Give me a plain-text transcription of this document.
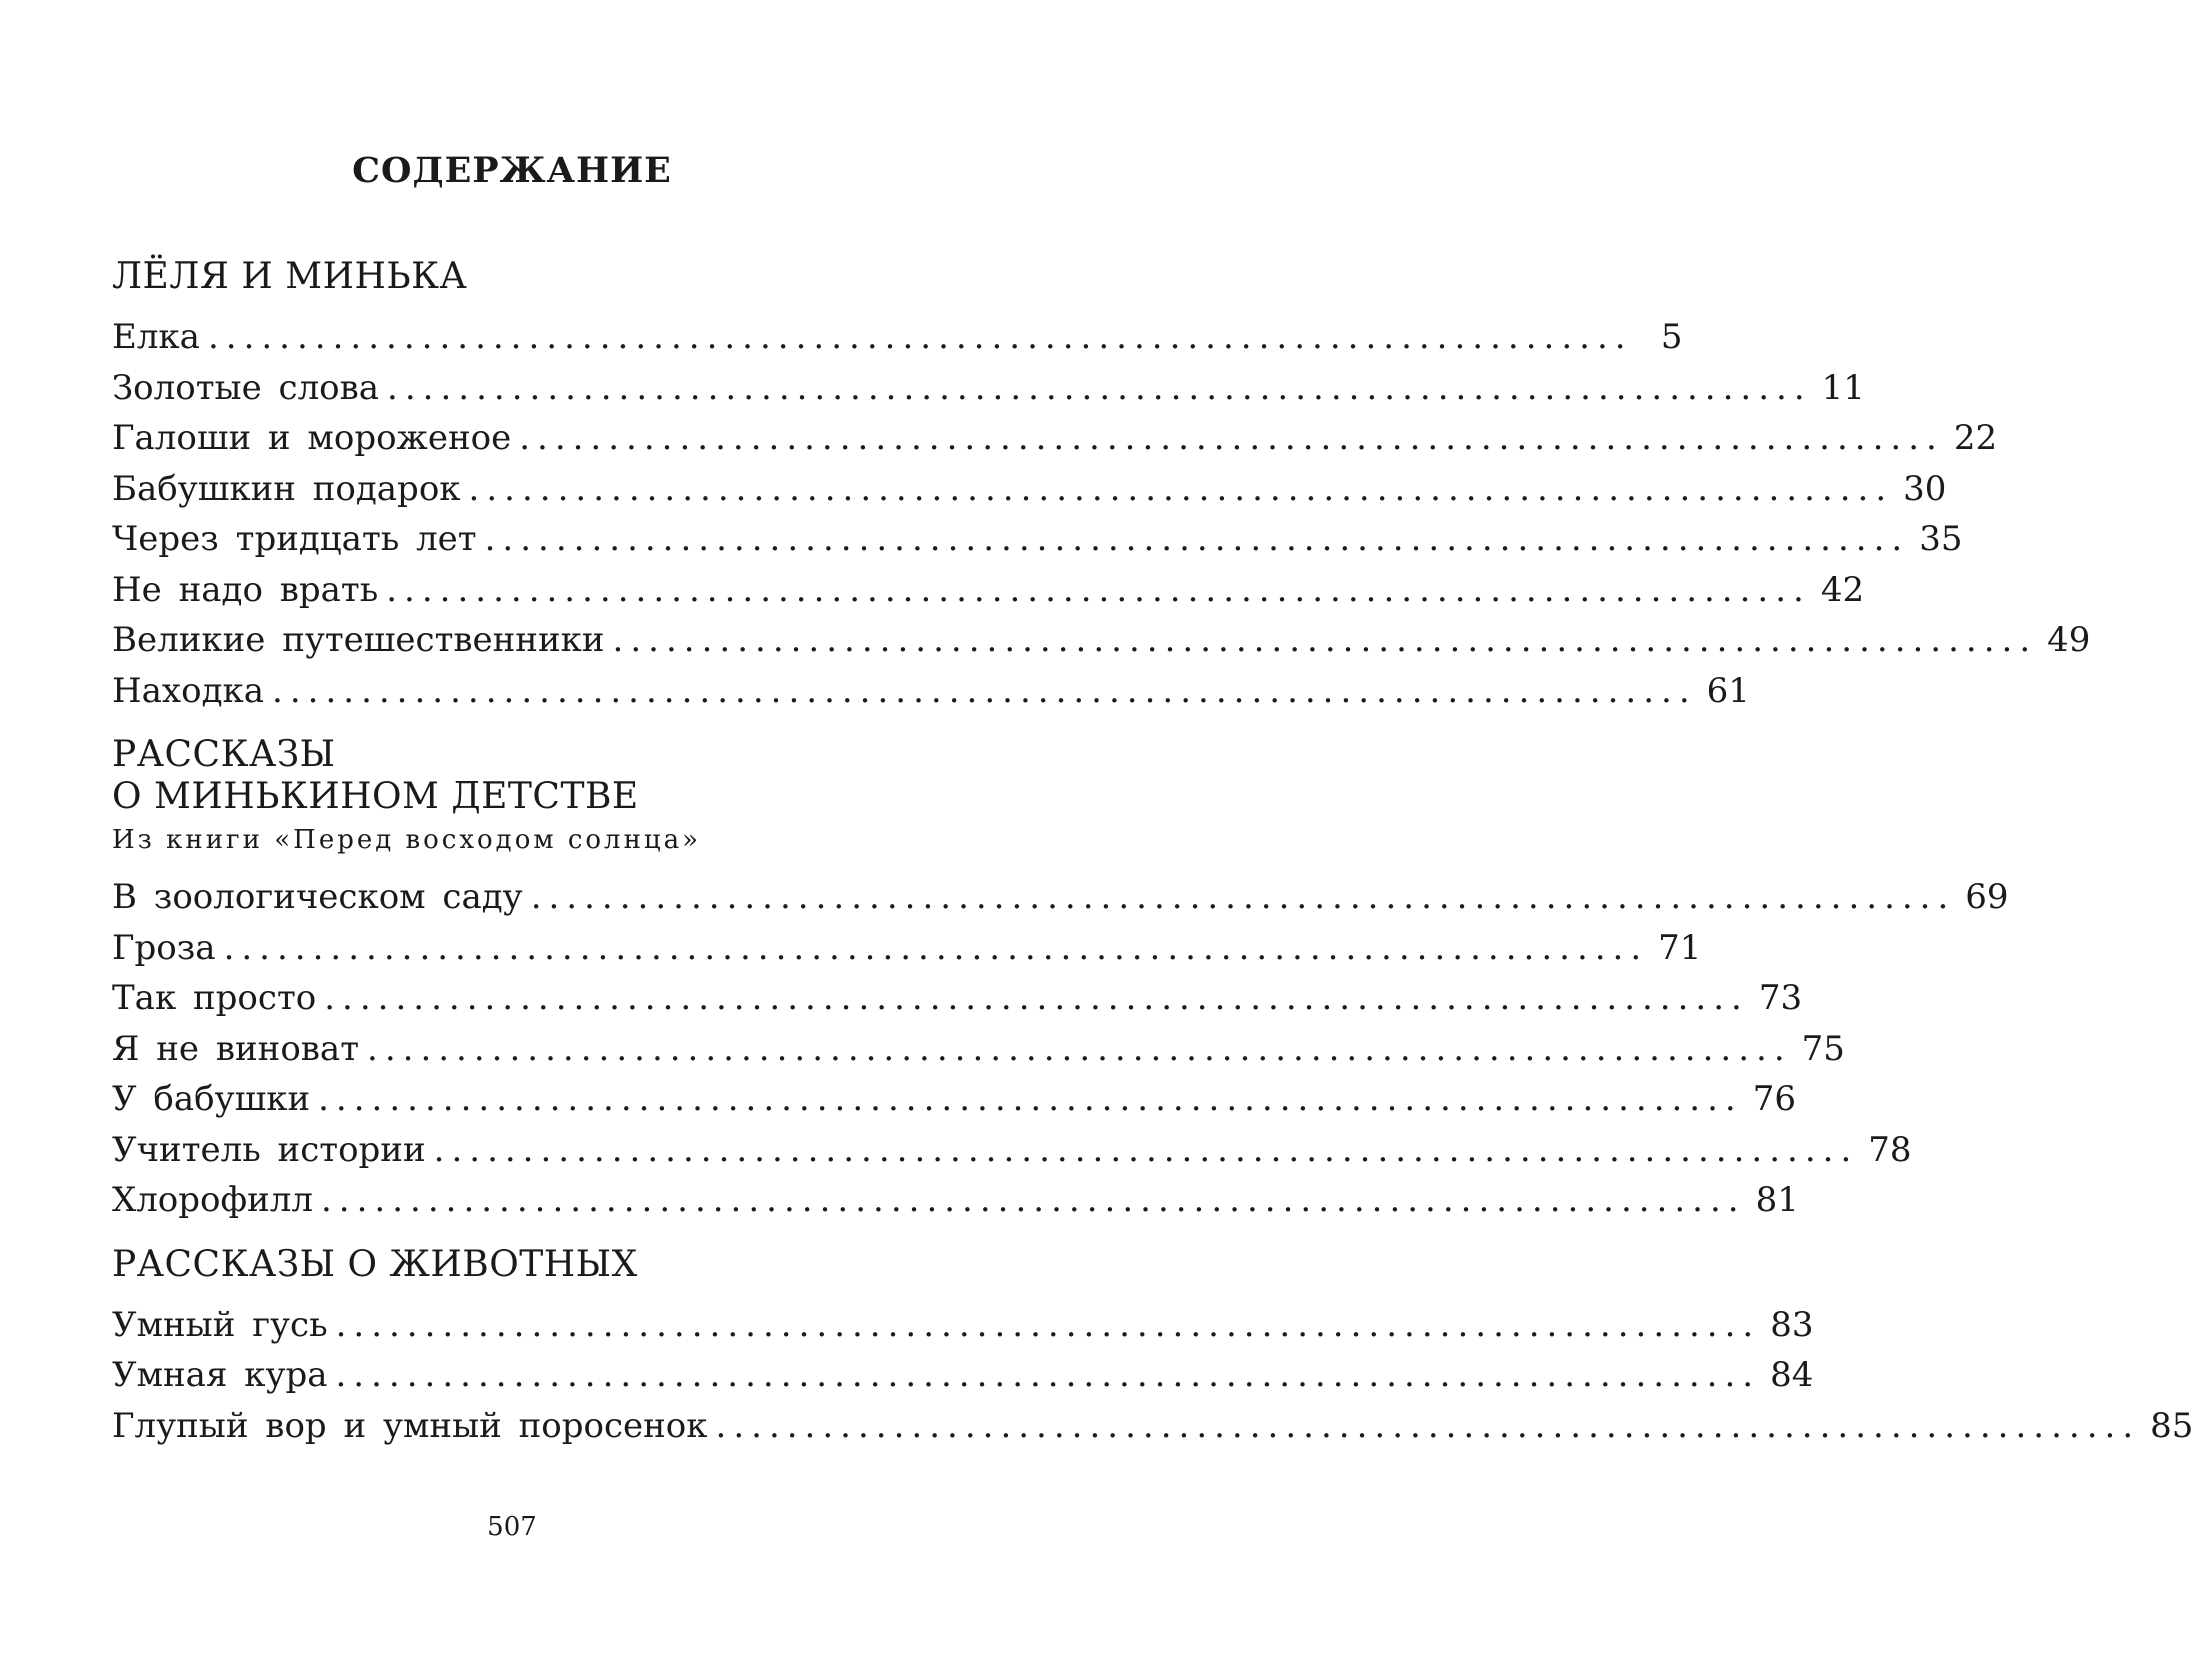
СОДЕРЖАНИЕ
ЛЁЛЯ И МИНЬКА
Елка ................................................................................ 5
Золотые слова ................................................................................ 11
Галоши и мороженое ................................................................................ 22
Бабушкин подарок ................................................................................ 30
Через тридцать лет ................................................................................ 35
Не надо врать ................................................................................ 42
Великие путешественники ................................................................................ 49
Находка ................................................................................ 61
РАССКАЗЫ
О МИНЬКИНОМ ДЕТСТВЕ
Из книги «Перед восходом солнца»
В зоологическом саду ................................................................................ 69
Гроза ................................................................................ 71
Так просто ................................................................................ 73
Я не виноват ................................................................................ 75
У бабушки ................................................................................ 76
Учитель истории ................................................................................ 78
Хлорофилл ................................................................................ 81
РАССКАЗЫ О ЖИВОТНЫХ
Умный гусь ................................................................................ 83
Умная кура ................................................................................ 84
Глупый вор и умный поросенок ................................................................................ 85
507
